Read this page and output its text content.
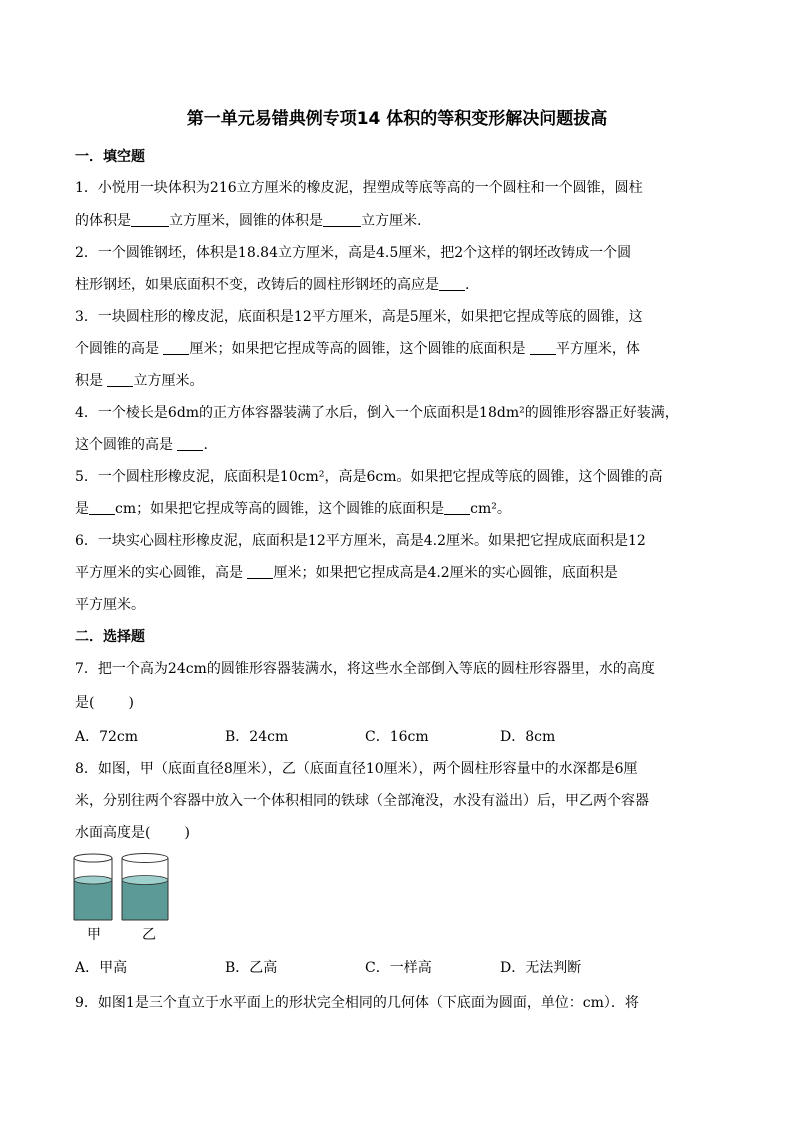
第一单元易错典例专项14 体积的等积变形解决问题拔高
一．填空题
1．小悦用一块体积为216立方厘米的橡皮泥，捏塑成等底等高的一个圆柱和一个圆锥，圆柱
的体积是	立方厘米，圆锥的体积是	立方厘米.
2．一个圆锥钢坯，体积是18.84立方厘米，高是4.5厘米，把2个这样的钢坯改铸成一个圆
柱形钢坯，如果底面积不变，改铸后的圆柱形钢坯的高应是 .
3．一块圆柱形的橡皮泥，底面积是12平方厘米，高是5厘米，如果把它捏成等底的圆锥，这
个圆锥的高是 厘米；如果把它捏成等高的圆锥，这个圆锥的底面积是 平方厘米，体
积是 立方厘米。
4．一个棱长是6dm的正方体容器装满了水后，倒入一个底面积是18dm²的圆锥形容器正好装满，
这个圆锥的高是 .
5．一个圆柱形橡皮泥，底面积是10cm²，高是6cm。如果把它捏成等底的圆锥，这个圆锥的高
是 cm；如果把它捏成等高的圆锥，这个圆锥的底面积是 cm²。
6．一块实心圆柱形橡皮泥，底面积是12平方厘米，高是4.2厘米。如果把它捏成底面积是12
平方厘米的实心圆锥，高是 厘米；如果把它捏成高是4.2厘米的实心圆锥，底面积是
平方厘米。
二．选择题
7．把一个高为24cm的圆锥形容器装满水，将这些水全部倒入等底的圆柱形容器里，水的高度
是( )
A．72cm	B．24cm	C．16cm	D．8cm
8．如图，甲（底面直径8厘米），乙（底面直径10厘米），两个圆柱形容量中的水深都是6厘
米，分别往两个容器中放入一个体积相同的铁球（全部淹没，水没有溢出）后，甲乙两个容器
水面高度是( )
甲	乙
A．甲高	B．乙高	C．一样高	D．无法判断
9．如图1是三个直立于水平面上的形状完全相同的几何体（下底面为圆面，单位：cm）．将
